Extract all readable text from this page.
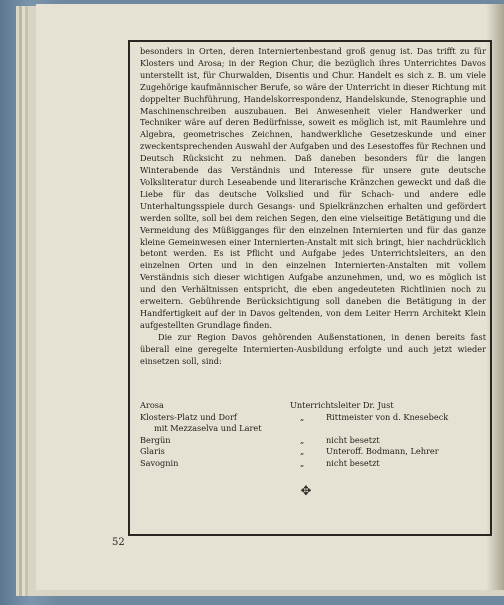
besonders in Orten, deren Interniertenbestand groß genug ist. Das trifft zu für Klosters und Arosa; in der Region Chur, die bezüglich ihres Unterrichtes Davos unterstellt ist, für Churwalden, Disentis und Chur. Handelt es sich z. B. um viele Zugehörige kaufmännischer Berufe, so wäre der Unterricht in dieser Richtung mit doppelter Buchführung, Handelskorrespondenz, Handelskunde, Stenographie und Maschinenschreiben auszubauen. Bei Anwesenheit vieler Handwerker und Techniker wäre auf deren Bedürfnisse, soweit es möglich ist, mit Raumlehre und Algebra, geometrisches Zeichnen, handwerkliche Gesetzeskunde und einer zweckentsprechenden Auswahl der Aufgaben und des Lesestoffes für Rechnen und Deutsch Rücksicht zu nehmen. Daß daneben besonders für die langen Winterabende das Verständnis und Interesse für unsere gute deutsche Volksliteratur durch Leseabende und literarische Kränzchen geweckt und daß die Liebe für das deutsche Volkslied und für Schach- und andere edle Unterhaltungsspiele durch Gesangs- und Spielkränzchen erhalten und gefördert werden sollte, soll bei dem reichen Segen, den eine vielseitige Betätigung und die Vermeidung des Müßigganges für den einzelnen Internierten und für das ganze kleine Gemeinwesen einer Internierten-Anstalt mit sich bringt, hier nachdrücklich betont werden. Es ist Pflicht und Aufgabe jedes Unterrichtsleiters, an den einzelnen Orten und in den einzelnen Internierten-Anstalten mit vollem Verständnis sich dieser wichtigen Aufgabe anzunehmen, und, wo es möglich ist und den Verhältnissen entspricht, die eben angedeuteten Richtlinien noch zu erweitern. Gebührende Berücksichtigung soll daneben die Betätigung in der Handfertigkeit auf der in Davos geltenden, von dem Leiter Herrn Architekt Klein aufgestellten Grundlage finden.

Die zur Region Davos gehörenden Außenstationen, in denen bereits fast überall eine geregelte Internierten-Ausbildung erfolgte und auch jetzt wieder einsetzen soll, sind:

Arosa	Unterrichtsleiter Dr. Just
Klosters-Platz und Dorf	„	Rittmeister von d. Knesebeck
mit Mezzaselva und Laret
Bergün	„	nicht besetzt
Glaris	„	Unteroff. Bodmann, Lehrer
Savognin	„	nicht besetzt
✥
52
